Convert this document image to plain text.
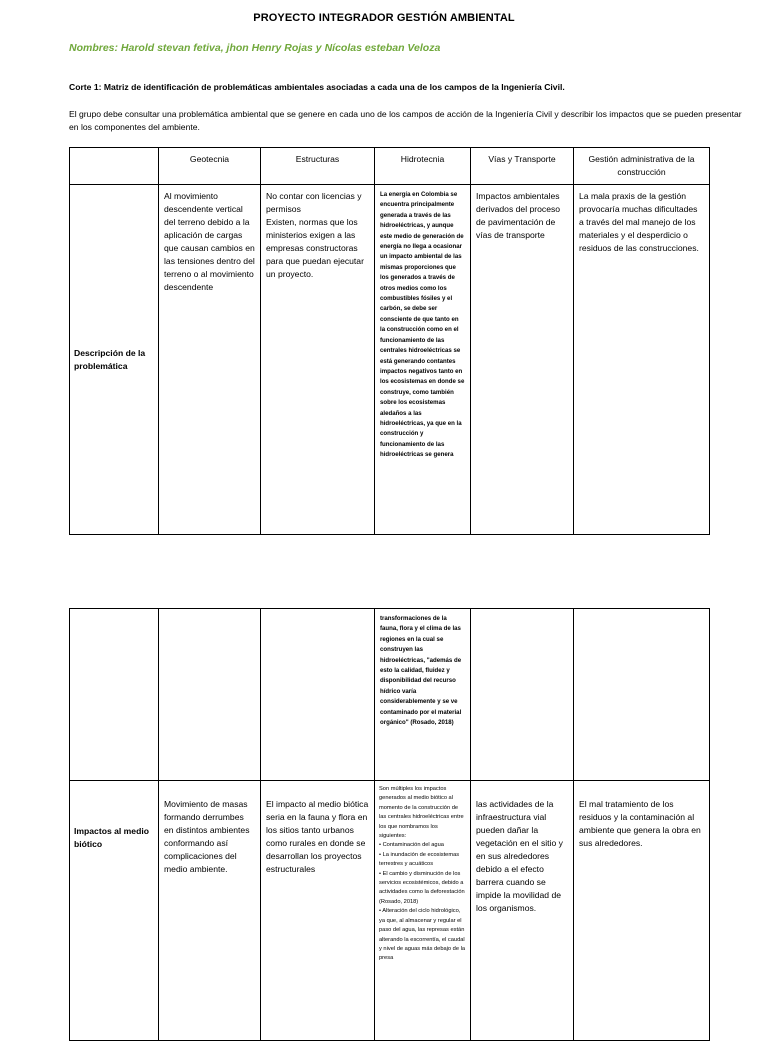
PROYECTO INTEGRADOR GESTIÓN AMBIENTAL
Nombres: Harold stevan fetiva, jhon Henry Rojas y Nícolas esteban Veloza
Corte 1: Matriz de identificación de problemáticas ambientales asociadas a cada una de los campos de la Ingeniería Civil.
El grupo debe consultar una problemática ambiental que se genere en cada uno de los campos de acción de la Ingeniería Civil y describir los impactos que se pueden presentar en los componentes del ambiente.
	Geotecnia	Estructuras	Hidrotecnia	Vías y Transporte	Gestión administrativa de la construcción
Descripción de la problemática	Al movimiento descendente vertical
del terreno debido a la aplicación de cargas que causan cambios en las tensiones dentro del terreno o al movimiento descendente	No contar con licencias y permisos
Existen, normas que los ministerios exigen a las empresas constructoras para que puedan ejecutar un proyecto.	La energía en Colombia se encuentra principalmente generada a través de las hidroeléctricas, y aunque este medio de generación de energía no llega a ocasionar un impacto ambiental de las mismas proporciones que los generados a través de otros medios como los combustibles fósiles y el carbón, se debe ser consciente de que tanto en la construcción como en el funcionamiento de las centrales hidroeléctricas se está generando contantes impactos negativos tanto en los ecosistemas en donde se construye, como también sobre los ecosistemas aledaños a las hidroeléctricas, ya que en la construcción y funcionamiento de las hidroeléctricas se genera	Impactos ambientales derivados del proceso de pavimentación de vías de transporte	La mala praxis de la gestión provocaría muchas dificultades a través del mal manejo de los materiales y el desperdicio o residuos de las construcciones.
			transformaciones de la fauna, flora y el clima de las regiones en la cual se construyen las hidroeléctricas, "además de esto la calidad, fluidez y disponibilidad del recurso hídrico varía considerablemente y se ve contaminado por el material orgánico" (Rosado, 2018)		
Impactos al medio biótico	Movimiento de masas formando derrumbes en distintos ambientes conformando así complicaciones del medio ambiente.	El impacto al medio biótica seria en la fauna y flora en los sitios tanto urbanos como rurales en donde se desarrollan los proyectos estructurales	Son múltiples los impactos generados al medio biótico al momento de la construcción de las centrales hidroeléctricas entre los que nombramos los siguientes:
• Contaminación del agua
• La inundación de ecosistemas terrestres y acuáticos
• El cambio y disminución de los servicios ecosistémicos, debido a actividades como la deforestación (Rosado, 2018)
• Alteración del ciclo hidrológico, ya que, al almacenar y regular el paso del agua, las represas están alterando la escorrentía, el caudal y nivel de aguas más debajo de la presa	las actividades de la infraestructura vial pueden dañar la vegetación en el sitio y en sus alrededores debido a el efecto barrera cuando se impide la movilidad de los organismos.	El mal tratamiento de los residuos y la contaminación al ambiente que genera la obra en sus alrededores.
